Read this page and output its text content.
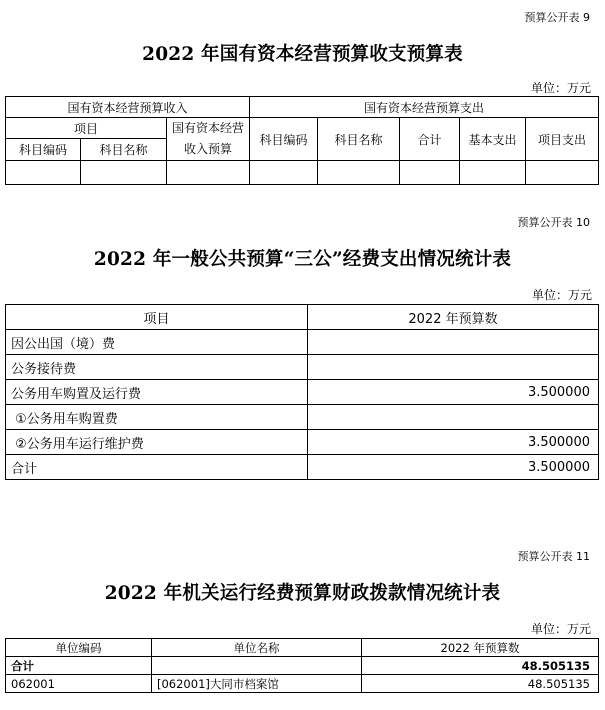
预算公开表 9
2022 年国有资本经营预算收支预算表
单位：万元
国有资本经营预算收入			国有资本经营预算支出				
项目		国有资本经营收入预算	科目编码	科目名称	合计	基本支出	项目支出
科目编码	科目名称						

预算公开表 10
2022 年一般公共预算“三公”经费支出情况统计表
单位：万元
项目	2022 年预算数
因公出国（境）费	
公务接待费	
公务用车购置及运行费	3.500000
①公务用车购置费	
②公务用车运行维护费	3.500000
合计	3.500000
预算公开表 11
2022 年机关运行经费预算财政拨款情况统计表
单位：万元
单位编码	单位名称	2022 年预算数
合计		48.505135
062001	[062001]大同市档案馆	48.505135
